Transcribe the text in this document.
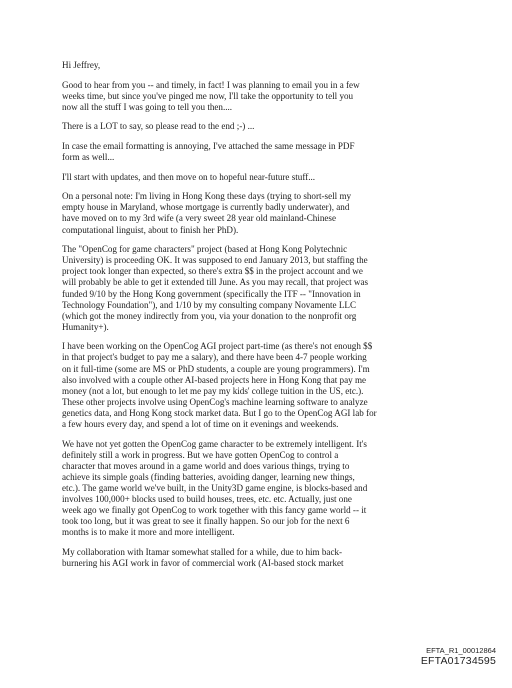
Hi Jeffrey,

Good to hear from you -- and timely, in fact! I was planning to email you in a few
weeks time, but since you've pinged me now, I'll take the opportunity to tell you
now all the stuff I was going to tell you then....

There is a LOT to say, so please read to the end ;-) ...

In case the email formatting is annoying, I've attached the same message in PDF
form as well...

I'll start with updates, and then move on to hopeful near-future stuff...

On a personal note: I'm living in Hong Kong these days (trying to short-sell my
empty house in Maryland, whose mortgage is currently badly underwater), and
have moved on to my 3rd wife (a very sweet 28 year old mainland-Chinese
computational linguist, about to finish her PhD).

The "OpenCog for game characters" project (based at Hong Kong Polytechnic
University) is proceeding OK. It was supposed to end January 2013, but staffing the
project took longer than expected, so there's extra $$ in the project account and we
will probably be able to get it extended till June. As you may recall, that project was
funded 9/10 by the Hong Kong government (specifically the ITF -- "Innovation in
Technology Foundation"), and 1/10 by my consulting company Novamente LLC
(which got the money indirectly from you, via your donation to the nonprofit org
Humanity+).

I have been working on the OpenCog AGI project part-time (as there's not enough $$
in that project's budget to pay me a salary), and there have been 4-7 people working
on it full-time (some are MS or PhD students, a couple are young programmers). I'm
also involved with a couple other AI-based projects here in Hong Kong that pay me
money (not a lot, but enough to let me pay my kids' college tuition in the US, etc.).
These other projects involve using OpenCog's machine learning software to analyze
genetics data, and Hong Kong stock market data. But I go to the OpenCog AGI lab for
a few hours every day, and spend a lot of time on it evenings and weekends.

We have not yet gotten the OpenCog game character to be extremely intelligent. It's
definitely still a work in progress. But we have gotten OpenCog to control a
character that moves around in a game world and does various things, trying to
achieve its simple goals (finding batteries, avoiding danger, learning new things,
etc.). The game world we've built, in the Unity3D game engine, is blocks-based and
involves 100,000+ blocks used to build houses, trees, etc. etc. Actually, just one
week ago we finally got OpenCog to work together with this fancy game world -- it
took too long, but it was great to see it finally happen. So our job for the next 6
months is to make it more and more intelligent.

My collaboration with Itamar somewhat stalled for a while, due to him back-
burnering his AGI work in favor of commercial work (AI-based stock market

EFTA_R1_00012864
EFTA01734595
